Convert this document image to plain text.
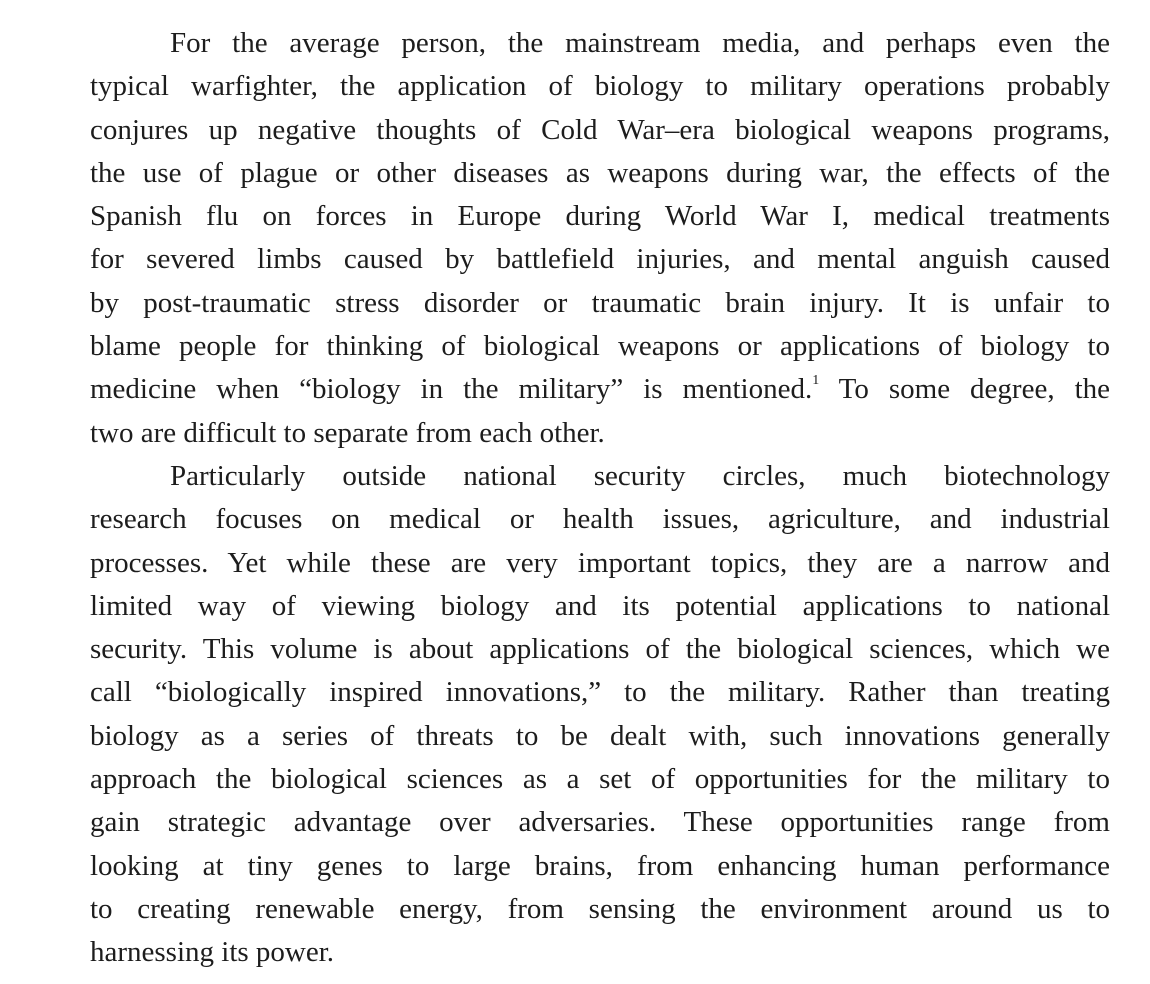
For the average person, the mainstream media, and perhaps even the
typical warfighter, the application of biology to military operations probably
conjures up negative thoughts of Cold War–era biological weapons programs,
the use of plague or other diseases as weapons during war, the effects of the
Spanish flu on forces in Europe during World War I, medical treatments
for severed limbs caused by battlefield injuries, and mental anguish caused
by post-traumatic stress disorder or traumatic brain injury. It is unfair to
blame people for thinking of biological weapons or applications of biology to
medicine when “biology in the military” is mentioned.$^1$ To some degree, the
two are difficult to separate from each other.
Particularly outside national security circles, much biotechnology
research focuses on medical or health issues, agriculture, and industrial
processes. Yet while these are very important topics, they are a narrow and
limited way of viewing biology and its potential applications to national
security. This volume is about applications of the biological sciences, which we
call “biologically inspired innovations,” to the military. Rather than treating
biology as a series of threats to be dealt with, such innovations generally
approach the biological sciences as a set of opportunities for the military to
gain strategic advantage over adversaries. These opportunities range from
looking at tiny genes to large brains, from enhancing human performance
to creating renewable energy, from sensing the environment around us to
harnessing its power.
